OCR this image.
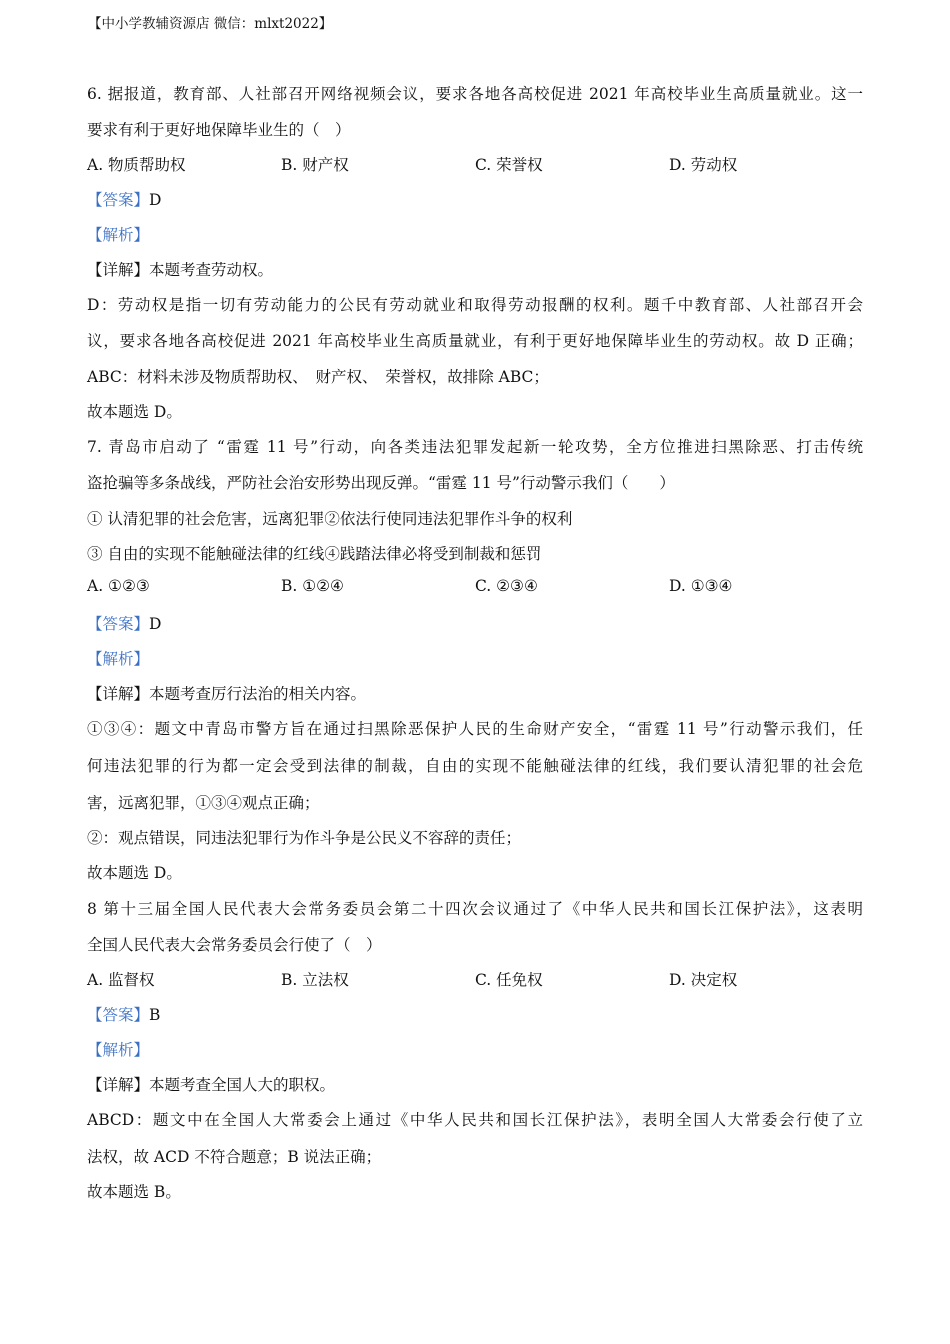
【中小学教辅资源店 微信：mlxt2022】
6. 据报道，教育部、人社部召开网络视频会议，要求各地各高校促进 2021 年高校毕业生高质量就业。这一
要求有利于更好地保障毕业生的（　）
A. 物质帮助权	B. 财产权	C. 荣誉权	D. 劳动权
【答案】D
【解析】
【详解】本题考查劳动权。
D：劳动权是指一切有劳动能力的公民有劳动就业和取得劳动报酬的权利。题千中教育部、人社部召开会
议，要求各地各高校促进 2021 年高校毕业生高质量就业，有利于更好地保障毕业生的劳动权。故 D 正确；
ABC：材料未涉及物质帮助权、　财产权、　荣誉权，故排除 ABC；
故本题选 D。
7. 青岛市启动了 “雷霆 11 号”行动，向各类违法犯罪发起新一轮攻势，全方位推进扫黑除恶、打击传统
盗抢骗等多条战线，严防社会治安形势出现反弹。“雷霆 11 号”行动警示我们（　　）
① 认清犯罪的社会危害，远离犯罪②依法行使同违法犯罪作斗争的权利
③ 自由的实现不能触碰法律的红线④践踏法律必将受到制裁和惩罚
A. ①②③	B. ①②④	C. ②③④	D. ①③④
【答案】D
【解析】
【详解】本题考查厉行法治的相关内容。
①③④：题文中青岛市警方旨在通过扫黑除恶保护人民的生命财产安全，“雷霆 11 号”行动警示我们，任
何违法犯罪的行为都一定会受到法律的制裁，自由的实现不能触碰法律的红线，我们要认清犯罪的社会危
害，远离犯罪，①③④观点正确；
②：观点错误，同违法犯罪行为作斗争是公民义不容辞的责任；
故本题选 D。
8 第十三届全国人民代表大会常务委员会第二十四次会议通过了《中华人民共和国长江保护法》，这表明
全国人民代表大会常务委员会行使了（　）
A. 监督权	B. 立法权	C. 任免权	D. 决定权
【答案】B
【解析】
【详解】本题考查全国人大的职权。
ABCD：题文中在全国人大常委会上通过《中华人民共和国长江保护法》，表明全国人大常委会行使了立
法权，故 ACD 不符合题意；B 说法正确；
故本题选 B。
